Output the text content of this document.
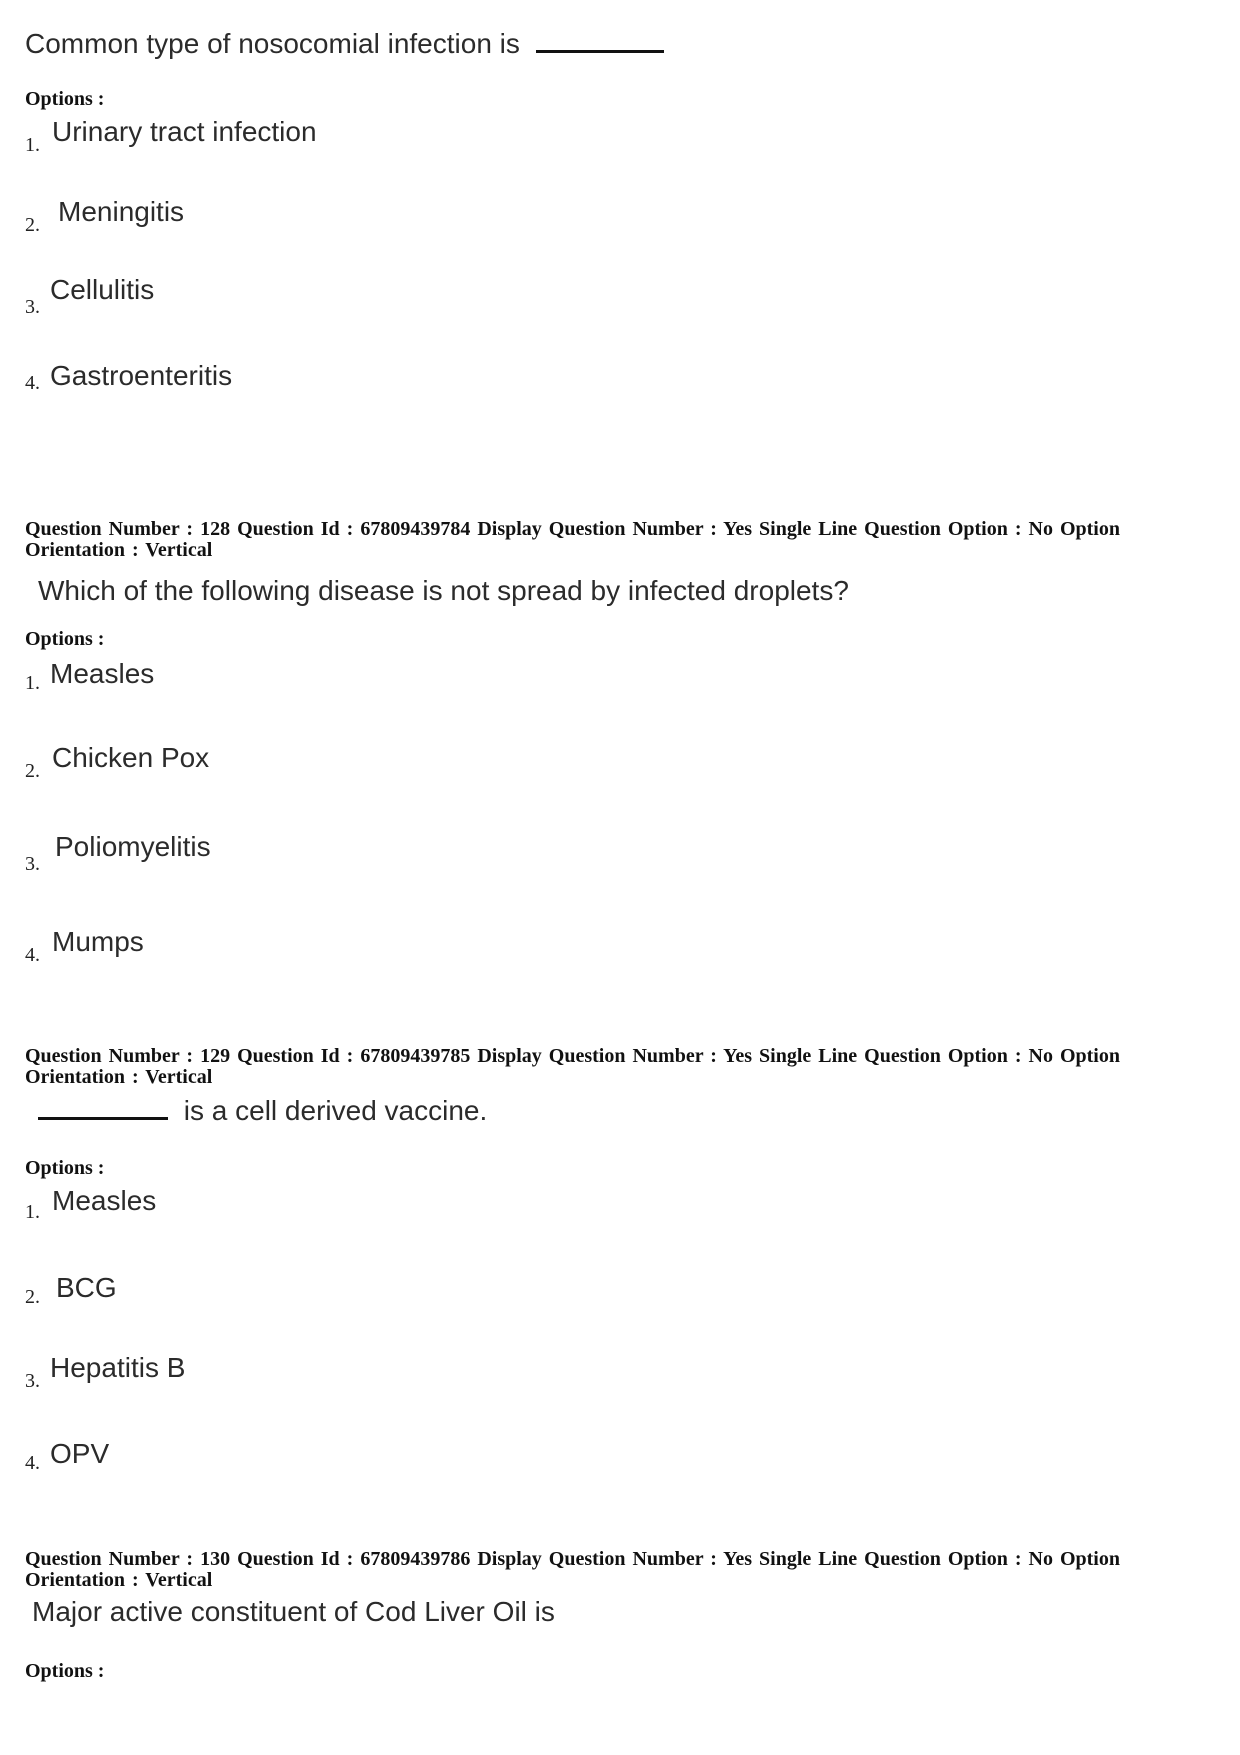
Common type of nosocomial infection is
Options :
1. Urinary tract infection
2. Meningitis
3.
Cellulitis
4. Gastroenteritis
Question Number : 128 Question Id : 67809439784 Display Question Number : Yes Single Line Question Option : No Option Orientation : Vertical
Which of the following disease is not spread by infected droplets?
Options :
1. Measles
2. Chicken Pox
3.
Poliomyelitis
4. Mumps
Question Number : 129 Question Id : 67809439785 Display Question Number : Yes Single Line Question Option : No Option Orientation : Vertical
is a cell derived vaccine.
Options :
1. Measles
2. BCG
3. Hepatitis B
4. OPV
Question Number : 130 Question Id : 67809439786 Display Question Number : Yes Single Line Question Option : No Option Orientation : Vertical
Major active constituent of Cod Liver Oil is
Options :
